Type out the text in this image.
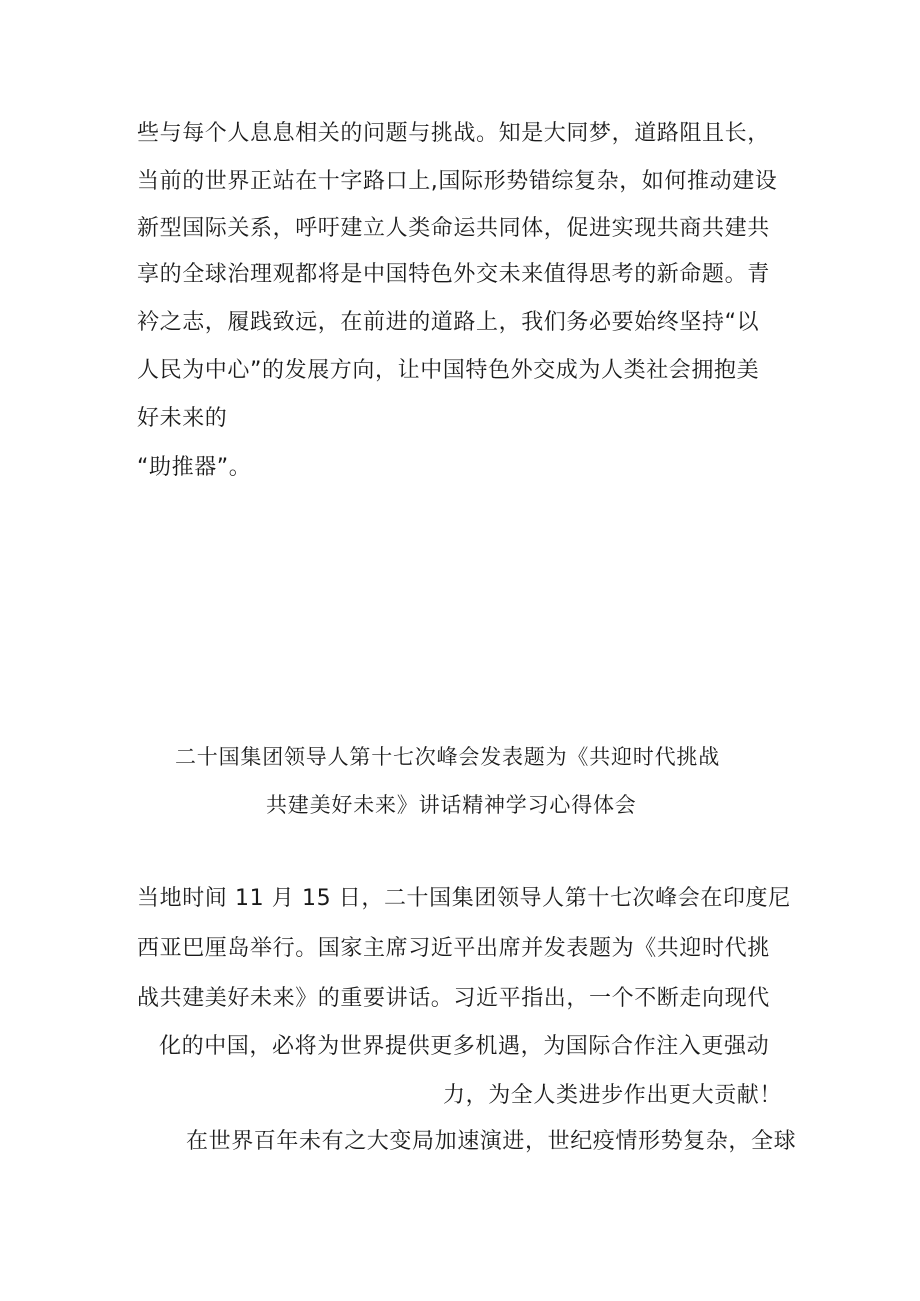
些与每个人息息相关的问题与挑战。知是大同梦，道路阻且长，
当前的世界正站在十字路口上,国际形势错综复杂，如何推动建设
新型国际关系，呼吁建立人类命运共同体，促进实现共商共建共
享的全球治理观都将是中国特色外交未来值得思考的新命题。青
衿之志，履践致远，在前进的道路上，我们务必要始终坚持“以
人民为中心”的发展方向，让中国特色外交成为人类社会拥抱美
好未来的
“助推器”。
二十国集团领导人第十七次峰会发表题为《共迎时代挑战
共建美好未来》讲话精神学习心得体会
当地时间 11 月 15 日，二十国集团领导人第十七次峰会在印度尼
西亚巴厘岛举行。国家主席习近平出席并发表题为《共迎时代挑
战共建美好未来》的重要讲话。习近平指出，一个不断走向现代
化的中国，必将为世界提供更多机遇，为国际合作注入更强动
力，为全人类进步作出更大贡献！
在世界百年未有之大变局加速演进，世纪疫情形势复杂，全球
